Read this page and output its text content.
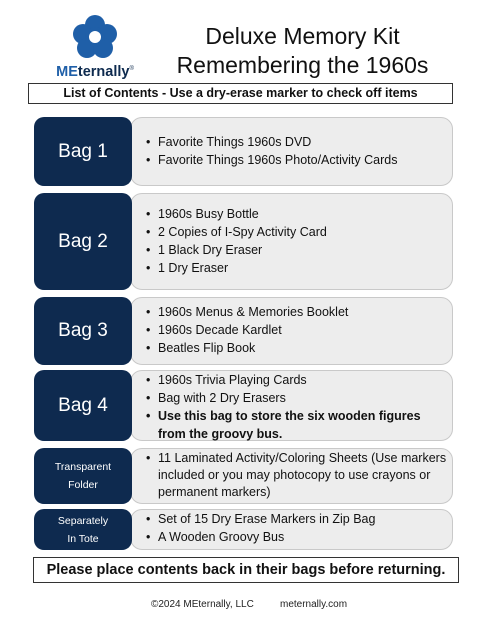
MEternally®
Deluxe Memory Kit
Remembering the 1960s
List of Contents - Use a dry-erase marker to check off items
Bag 1
•	Favorite Things 1960s DVD
• Favorite Things 1960s Photo/Activity Cards
Bag 2
• 1960s Busy Bottle
• 2 Copies of I-Spy Activity Card
• 1 Black Dry Eraser
• 1 Dry Eraser
Bag 3
• 1960s Menus & Memories Booklet
• 1960s Decade Kardlet
• Beatles Flip Book
Bag 4
• 1960s Trivia Playing Cards
• Bag with 2 Dry Erasers
• Use this bag to store the six wooden figures from the groovy bus.
Transparent
Folder
• 11 Laminated Activity/Coloring Sheets (Use markers included or you may photocopy to use crayons or permanent markers)
Separately
In Tote
• Set of 15 Dry Erase Markers in Zip Bag
• A Wooden Groovy Bus
Please place contents back in their bags before returning.
©2024 MEternally, LLC	meternally.com
